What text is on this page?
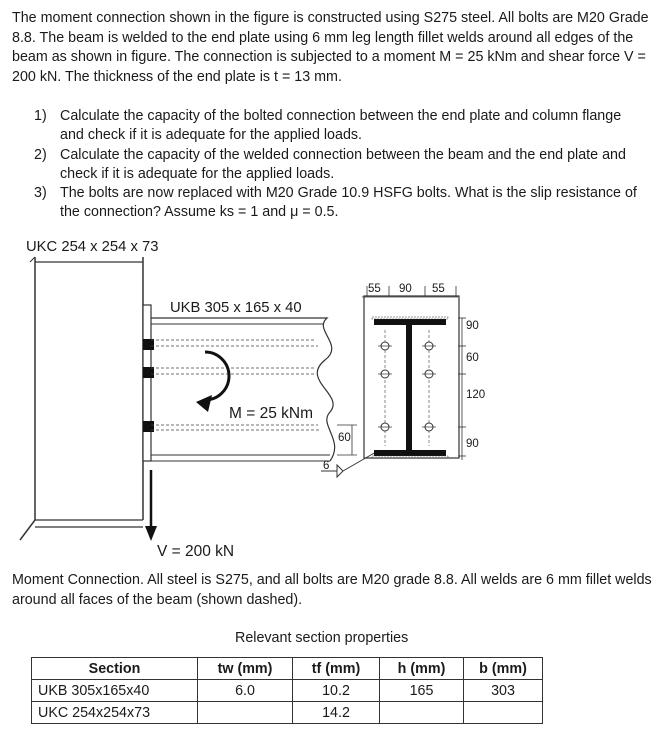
The moment connection shown in the figure is constructed using S275 steel. All bolts are M20 Grade 8.8. The beam is welded to the end plate using 6 mm leg length fillet welds around all edges of the beam as shown in figure. The connection is subjected to a moment M = 25 kNm and shear force V = 200 kN. The thickness of the end plate is t = 13 mm.

1) Calculate the capacity of the bolted connection between the end plate and column flange and check if it is adequate for the applied loads.
2) Calculate the capacity of the welded connection between the beam and the end plate and check if it is adequate for the applied loads.
3) The bolts are now replaced with M20 Grade 10.9 HSFG bolts. What is the slip resistance of the connection? Assume ks = 1 and μ = 0.5.
UKC 254 x 254 x 73
UKB 305 x 165 x 40
M = 25 kNm
V = 200 kN
60
6
55 90 55
90
60
120
90

Moment Connection. All steel is S275, and all bolts are M20 grade 8.8. All welds are 6 mm fillet welds around all faces of the beam (shown dashed).

Relevant section properties
Section	tw (mm)	tf (mm)	h (mm)	b (mm)
UKB 305x165x40	6.0	10.2	165	303
UKC 254x254x73		14.2		
